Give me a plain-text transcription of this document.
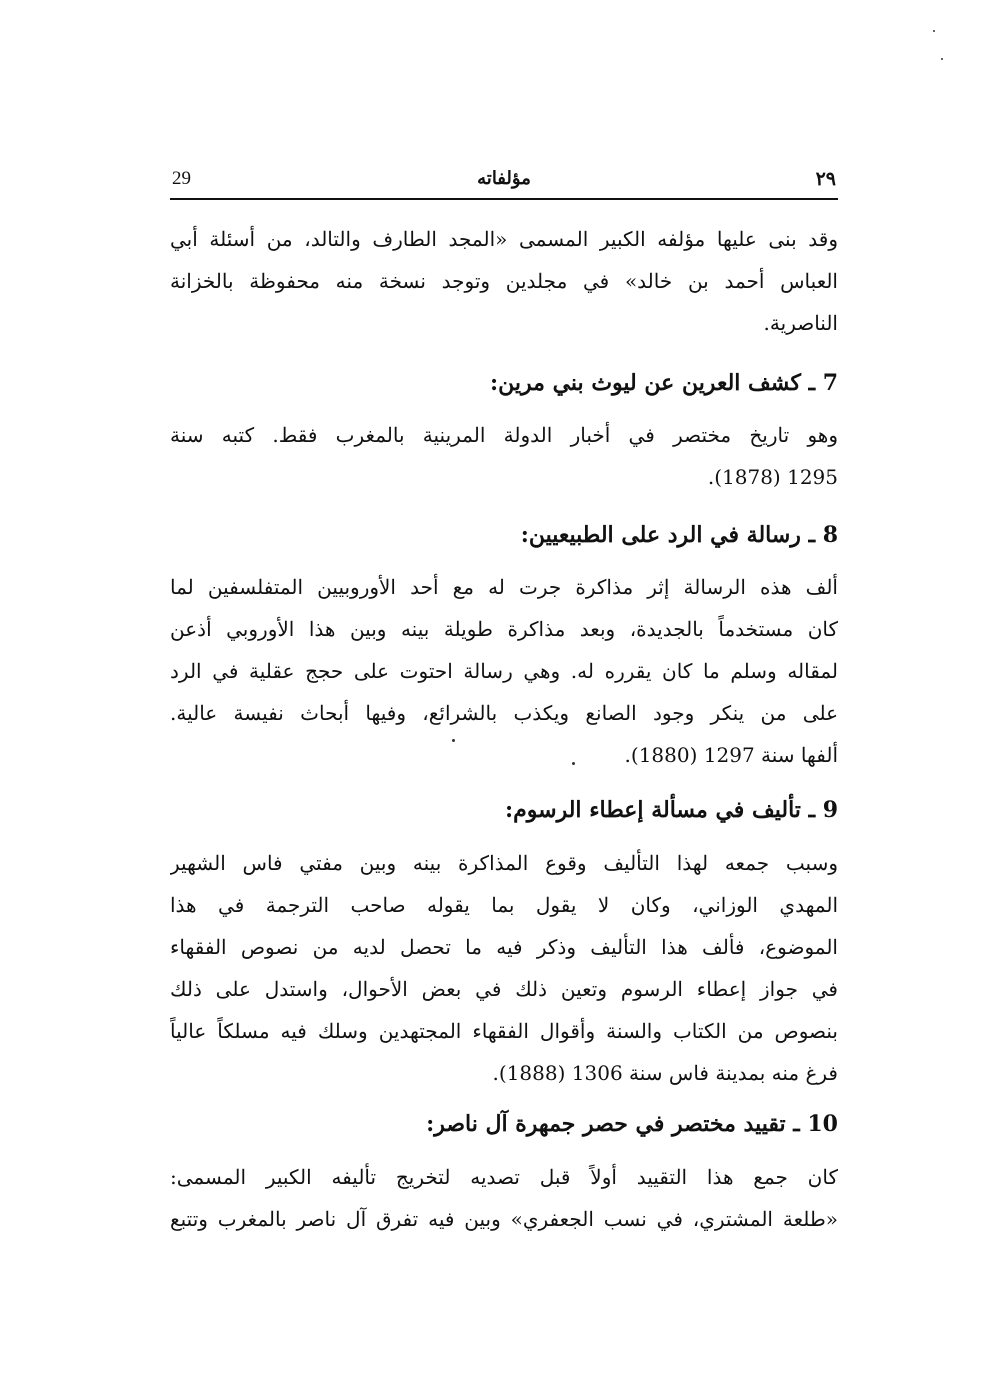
29	مؤلفاته	٢٩
وقد بنى عليها مؤلفه الكبير المسمى «المجد الطارف والتالد، من أسئلة أبي
العباس أحمد بن خالد» في مجلدين وتوجد نسخة منه محفوظة بالخزانة
الناصرية.
7 ـ كشف العرين عن ليوث بني مرين:
وهو تاريخ مختصر في أخبار الدولة المرينية بالمغرب فقط. كتبه سنة
1295 (1878).
8 ـ رسالة في الرد على الطبيعيين:
ألف هذه الرسالة إثر مذاكرة جرت له مع أحد الأوروبيين المتفلسفين لما
كان مستخدماً بالجديدة، وبعد مذاكرة طويلة بينه وبين هذا الأوروبي أذعن
لمقاله وسلم ما كان يقرره له. وهي رسالة احتوت على حجج عقلية في الرد
على من ينكر وجود الصانع ويكذب بالشرائع، وفيها أبحاث نفيسة عالية.
ألفها سنة 1297 (1880).
9 ـ تأليف في مسألة إعطاء الرسوم:
وسبب جمعه لهذا التأليف وقوع المذاكرة بينه وبين مفتي فاس الشهير
المهدي الوزاني، وكان لا يقول بما يقوله صاحب الترجمة في هذا
الموضوع، فألف هذا التأليف وذكر فيه ما تحصل لديه من نصوص الفقهاء
في جواز إعطاء الرسوم وتعين ذلك في بعض الأحوال، واستدل على ذلك
بنصوص من الكتاب والسنة وأقوال الفقهاء المجتهدين وسلك فيه مسلكاً عالياً
فرغ منه بمدينة فاس سنة 1306 (1888).
10 ـ تقييد مختصر في حصر جمهرة آل ناصر:
كان جمع هذا التقييد أولاً قبل تصديه لتخريج تأليفه الكبير المسمى:
«طلعة المشتري، في نسب الجعفري» وبين فيه تفرق آل ناصر بالمغرب وتتبع
